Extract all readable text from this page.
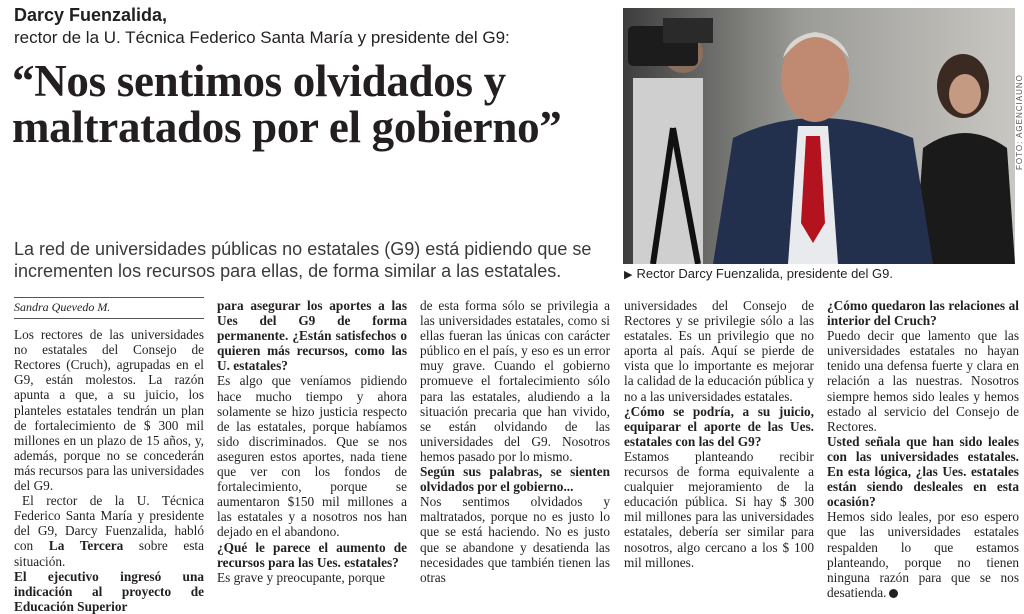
Darcy Fuenzalida,
rector de la U. Técnica Federico Santa María y presidente del G9:
“Nos sentimos olvidados y
maltratados por el gobierno”
La red de universidades públicas no estatales (G9) está pidiendo que se
incrementen los recursos para ellas, de forma similar a las estatales.
FOTO: AGENCIAUNO
▶ Rector Darcy Fuenzalida, presidente del G9.

Sandra Quevedo M.

Los rectores de las universidades no estatales del Consejo de Rectores (Cruch), agrupadas en el G9, están molestos. La razón apunta a que, a su juicio, los planteles estatales tendrán un plan de fortalecimiento de $ 300 mil millones en un plazo de 15 años, y, además, porque no se concederán más recursos para las universidades del G9.

El rector de la U. Técnica Federico Santa María y presidente del G9, Darcy Fuenzalida, habló con La Tercera sobre esta situación.

El ejecutivo ingresó una indicación al proyecto de Educación Superior

para asegurar los aportes a las Ues del G9 de forma permanente. ¿Están satisfechos o quieren más recursos, como las U. estatales?

Es algo que veníamos pidiendo hace mucho tiempo y ahora solamente se hizo justicia respecto de las estatales, porque habíamos sido discriminados. Que se nos aseguren estos aportes, nada tiene que ver con los fondos de fortalecimiento, porque se aumentaron $150 mil millones a las estatales y a nosotros nos han dejado en el abandono.

¿Qué le parece el aumento de recursos para las Ues. estatales?

Es grave y preocupante, porque

de esta forma sólo se privilegia a las universidades estatales, como si ellas fueran las únicas con carácter público en el país, y eso es un error muy grave. Cuando el gobierno promueve el fortalecimiento sólo para las estatales, aludiendo a la situación precaria que han vivido, se están olvidando de las universidades del G9. Nosotros hemos pasado por lo mismo.

Según sus palabras, se sienten olvidados por el gobierno...

Nos sentimos olvidados y maltratados, porque no es justo lo que se está haciendo. No es justo que se abandone y desatienda las necesidades que también tienen las otras

universidades del Consejo de Rectores y se privilegie sólo a las estatales. Es un privilegio que no aporta al país. Aquí se pierde de vista que lo importante es mejorar la calidad de la educación pública y no a las universidades estatales.

¿Cómo se podría, a su juicio, equiparar el aporte de las Ues. estatales con las del G9?

Estamos planteando recibir recursos de forma equivalente a cualquier mejoramiento de la educación pública. Si hay $ 300 mil millones para las universidades estatales, debería ser similar para nosotros, algo cercano a los $ 100 mil millones.

¿Cómo quedaron las relaciones al interior del Cruch?

Puedo decir que lamento que las universidades estatales no hayan tenido una defensa fuerte y clara en relación a las nuestras. Nosotros siempre hemos sido leales y hemos estado al servicio del Consejo de Rectores.

Usted señala que han sido leales con las universidades estatales. En esta lógica, ¿las Ues. estatales están siendo desleales en esta ocasión?

Hemos sido leales, por eso espero que las universidades estatales respalden lo que estamos planteando, porque no tienen ninguna razón para que se nos desatienda.
